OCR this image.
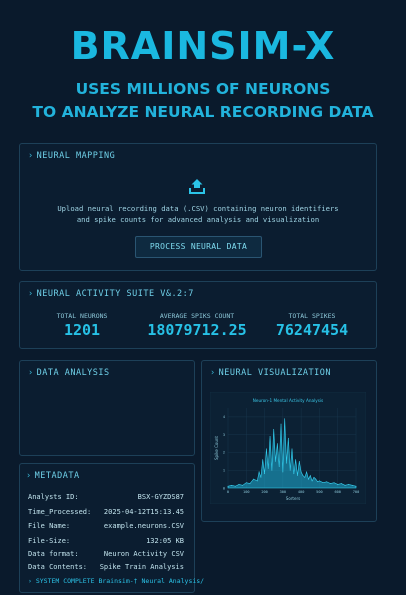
BRAINSIM-X
USES MILLIONS OF NEURONS
TO ANALYZE NEURAL RECORDING DATA
› NEURAL MAPPING
Upload neural recording data (.CSV) containing neuron identifiers
and spike counts for advanced analysis and visualization
PROCESS NEURAL DATA
› NEURAL ACTIVITY SUITE V&.2:7
TOTAL NEURONS
1201
AVERAGE SPIKS COUNT
18079712.25
TOTAL SPIKES
76247454
› DATA ANALYSIS	› NEURAL VISUALIZATION
Neuron-1 Mental Activity Analysis
Spike Count
Sorters
0
1
2
3
4
0	100	200	300	400	500	600	700
› METADATA
Analysts ID:	BSX-GYZDS87
Time_Processed: 2025-04-12T15:13.45
File Name:	example.neurons.CSV
File-Size:	132:05 KB
Data format:	Neuron Activity CSV
Data Contents: Spike Train Analysis
› SYSTEM COMPLETE Brainsim-† Neural Analysis/
